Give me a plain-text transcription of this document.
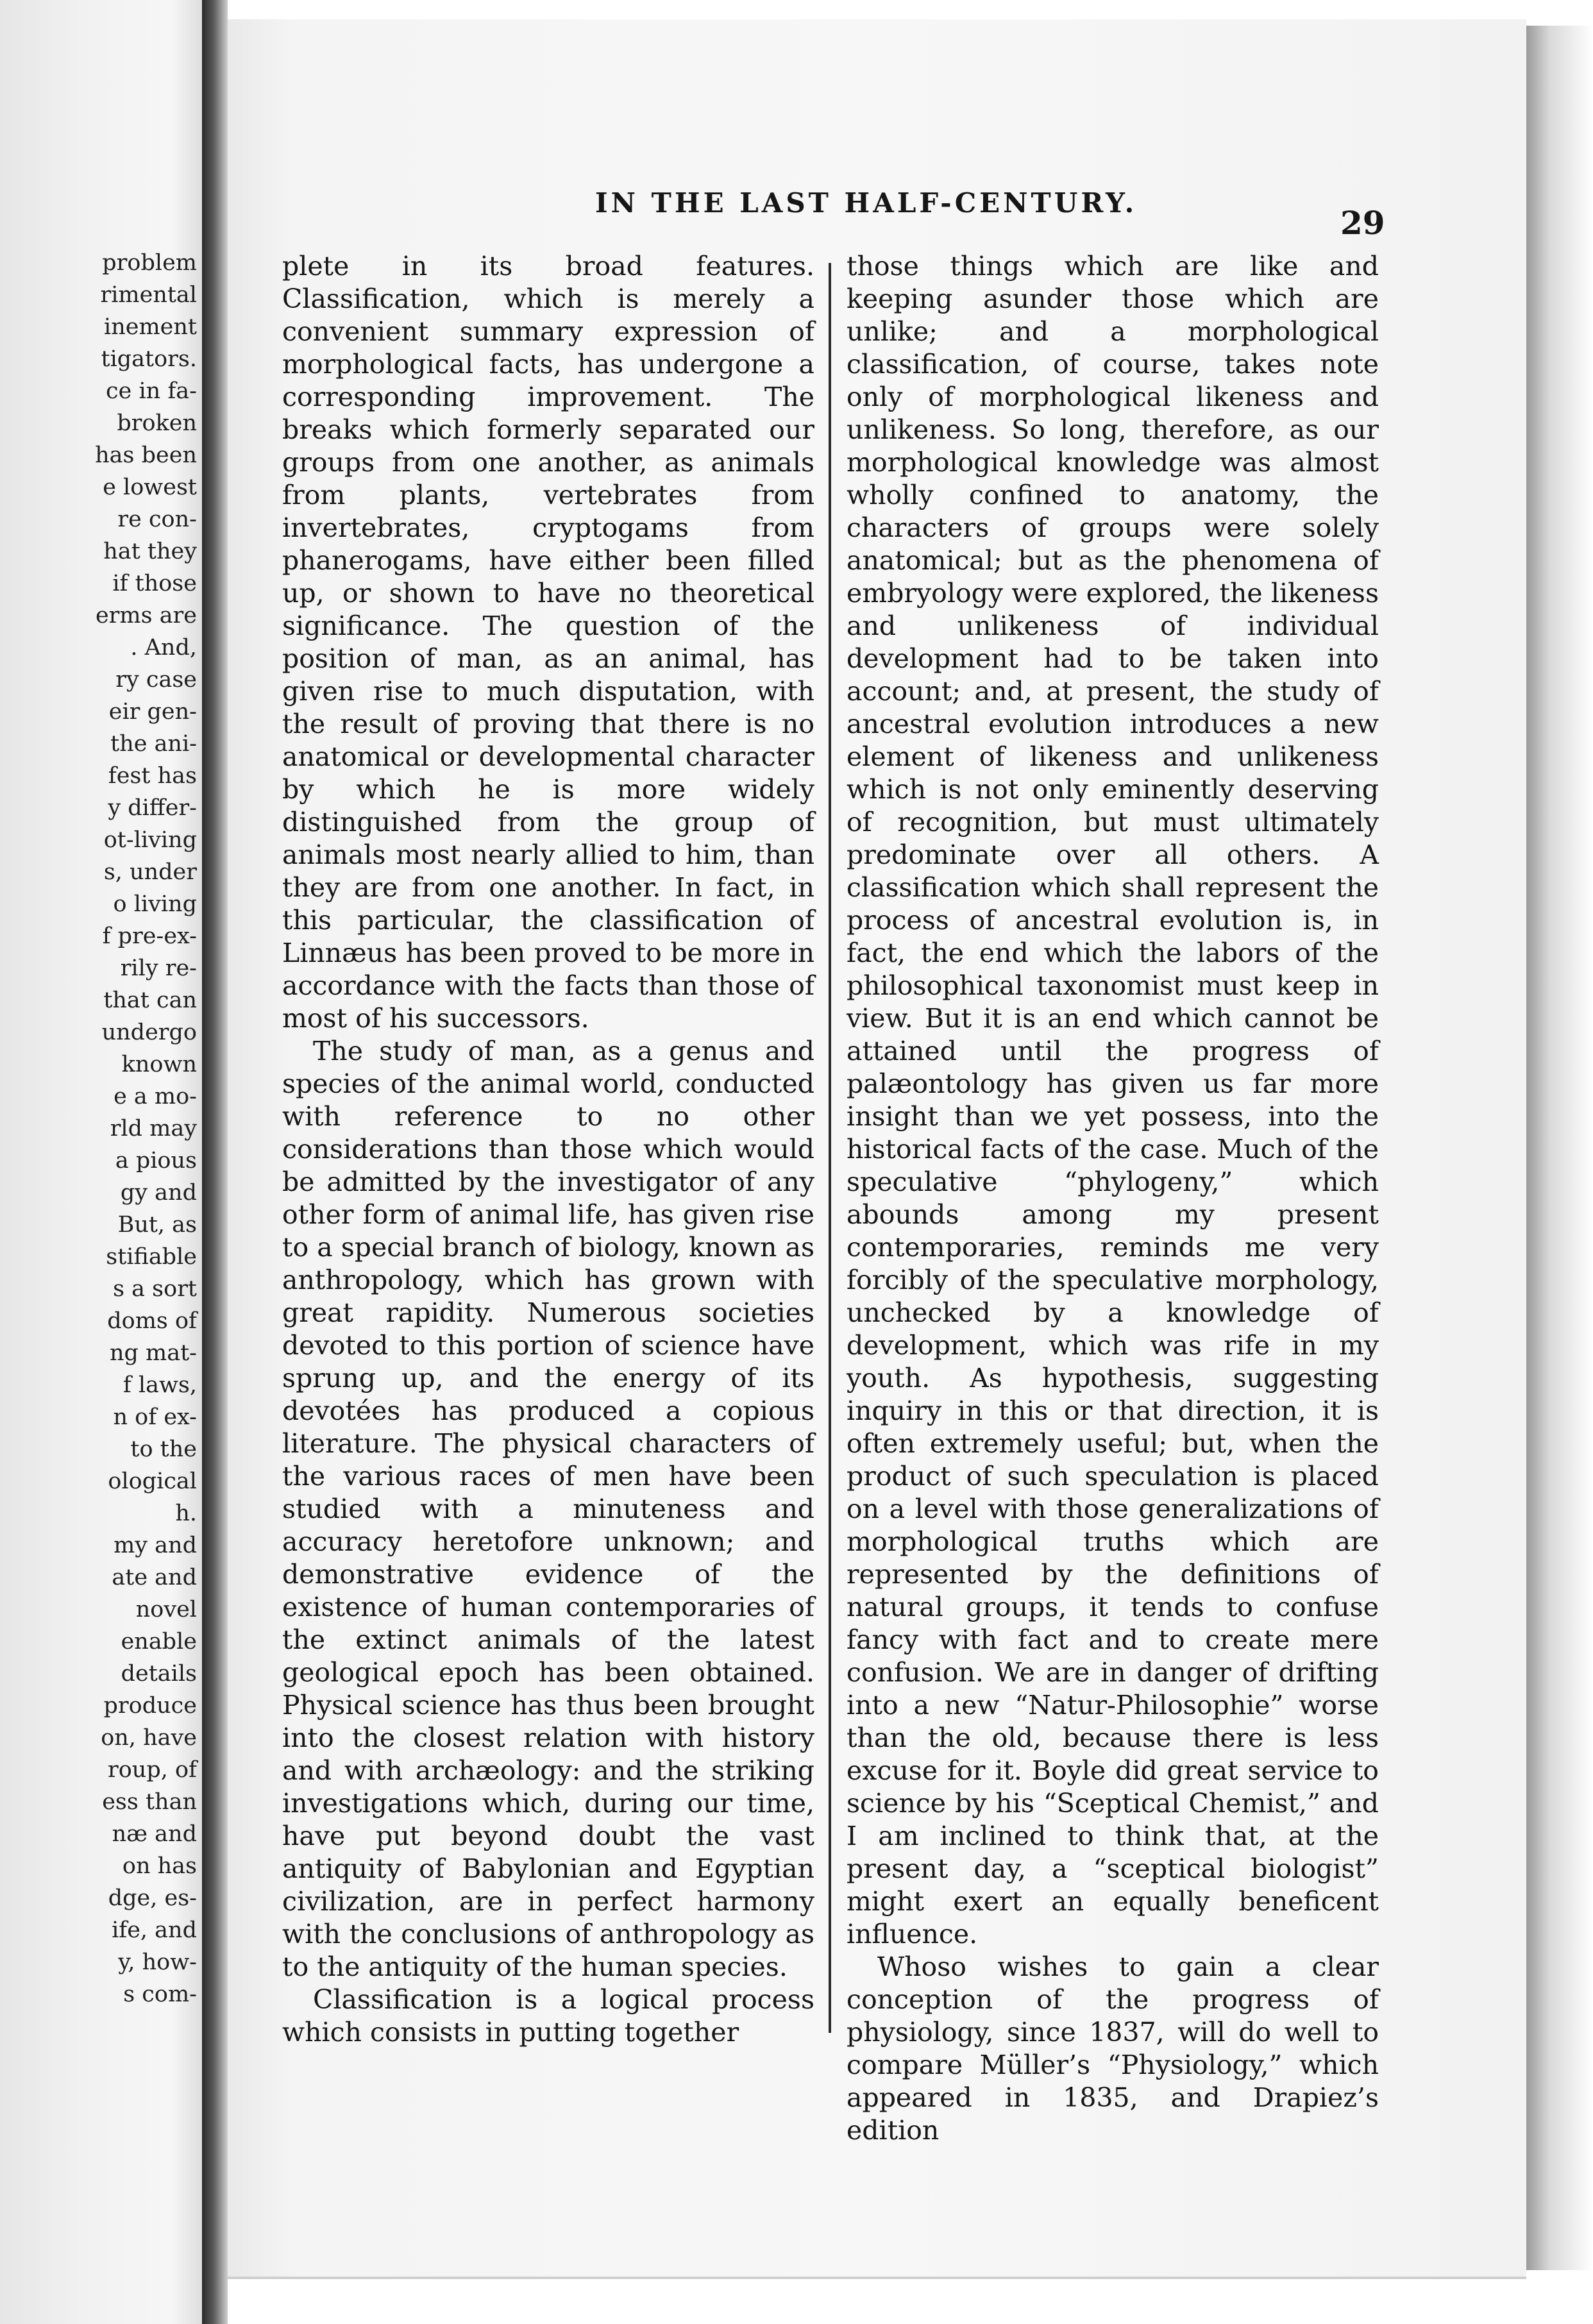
problem
rimental
inement
tigators.
ce in fa-
broken
has been
e lowest
re con-
hat they
if those
erms are
. And,
ry case
eir gen-
the ani-
fest has
y differ-
ot-living
s, under
o living
f pre-ex-
rily re-
that can
undergo
known
e a mo-
rld may
a pious
gy and
But, as
stifiable
s a sort
doms of
ng mat-
f laws,
n of ex-
to the
ological
h.
my and
ate and
novel
enable
details
produce
on, have
roup, of
ess than
næ and
on has
dge, es-
ife, and
y, how-
s com-
IN THE LAST HALF-CENTURY.
29

plete in its broad features. Classification, which is merely a convenient summary expression of morphological facts, has undergone a corresponding improvement. The breaks which formerly separated our groups from one another, as animals from plants, vertebrates from invertebrates, cryptogams from phanerogams, have either been filled up, or shown to have no theoretical significance. The question of the position of man, as an animal, has given rise to much disputation, with the result of proving that there is no anatomical or developmental character by which he is more widely distinguished from the group of animals most nearly allied to him, than they are from one another. In fact, in this particular, the classification of Linnæus has been proved to be more in accordance with the facts than those of most of his successors.

The study of man, as a genus and species of the animal world, conducted with reference to no other considerations than those which would be admitted by the investigator of any other form of animal life, has given rise to a special branch of biology, known as anthropology, which has grown with great rapidity. Numerous societies devoted to this portion of science have sprung up, and the energy of its devotées has produced a copious literature. The physical characters of the various races of men have been studied with a minuteness and accuracy heretofore unknown; and demonstrative evidence of the existence of human contemporaries of the extinct animals of the latest geological epoch has been obtained. Physical science has thus been brought into the closest relation with history and with archæology: and the striking investigations which, during our time, have put beyond doubt the vast antiquity of Babylonian and Egyptian civilization, are in perfect harmony with the conclusions of anthropology as to the antiquity of the human species.

Classification is a logical process which consists in putting together

those things which are like and keeping asunder those which are unlike; and a morphological classification, of course, takes note only of morphological likeness and unlikeness. So long, therefore, as our morphological knowledge was almost wholly confined to anatomy, the characters of groups were solely anatomical; but as the phenomena of embryology were explored, the likeness and unlikeness of individual development had to be taken into account; and, at present, the study of ancestral evolution introduces a new element of likeness and unlikeness which is not only eminently deserving of recognition, but must ultimately predominate over all others. A classification which shall represent the process of ancestral evolution is, in fact, the end which the labors of the philosophical taxonomist must keep in view. But it is an end which cannot be attained until the progress of palæontology has given us far more insight than we yet possess, into the historical facts of the case. Much of the speculative “phylogeny,” which abounds among my present contemporaries, reminds me very forcibly of the speculative morphology, unchecked by a knowledge of development, which was rife in my youth. As hypothesis, suggesting inquiry in this or that direction, it is often extremely useful; but, when the product of such speculation is placed on a level with those generalizations of morphological truths which are represented by the definitions of natural groups, it tends to confuse fancy with fact and to create mere confusion. We are in danger of drifting into a new “Natur-Philosophie” worse than the old, because there is less excuse for it. Boyle did great service to science by his “Sceptical Chemist,” and I am inclined to think that, at the present day, a “sceptical biologist” might exert an equally beneficent influence.

Whoso wishes to gain a clear conception of the progress of physiology, since 1837, will do well to compare Müller’s “Physiology,” which appeared in 1835, and Drapiez’s edition
